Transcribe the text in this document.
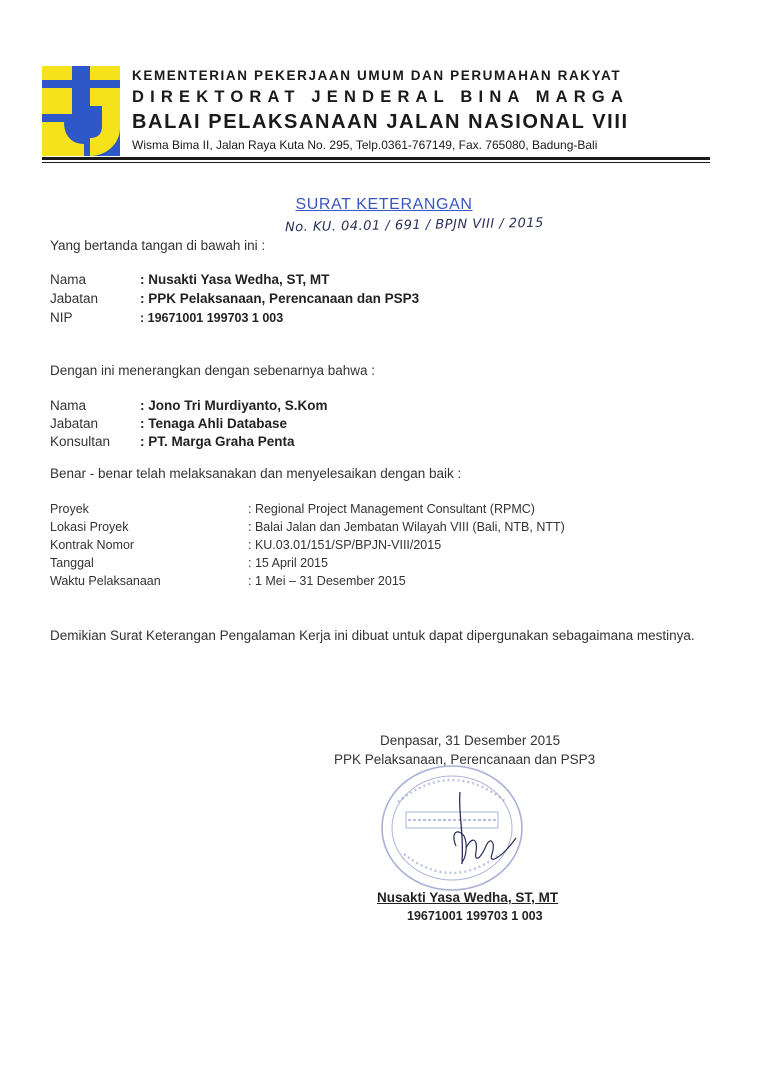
KEMENTERIAN PEKERJAAN UMUM DAN PERUMAHAN RAKYAT
DIREKTORAT JENDERAL BINA MARGA
BALAI PELAKSANAAN JALAN NASIONAL VIII
Wisma Bima II, Jalan Raya Kuta No. 295, Telp.0361-767149, Fax. 765080, Badung-Bali
SURAT KETERANGAN
No. KU. 04.01 / 691 / BPJN VIII / 2015
Yang bertanda tangan di bawah ini :
Nama	: Nusakti Yasa Wedha, ST, MT
Jabatan	: PPK Pelaksanaan, Perencanaan dan PSP3
NIP	: 19671001 199703 1 003
Dengan ini menerangkan dengan sebenarnya bahwa :
Nama	: Jono Tri Murdiyanto, S.Kom
Jabatan	: Tenaga Ahli Database
Konsultan : PT. Marga Graha Penta
Benar - benar telah melaksanakan dan menyelesaikan dengan baik :
Proyek	: Regional Project Management Consultant (RPMC)
Lokasi Proyek	: Balai Jalan dan Jembatan Wilayah VIII (Bali, NTB, NTT)
Kontrak Nomor	: KU.03.01/151/SP/BPJN-VIII/2015
Tanggal	: 15 April 2015
Waktu Pelaksanaan	: 1 Mei – 31 Desember 2015
Demikian Surat Keterangan Pengalaman Kerja ini dibuat untuk dapat dipergunakan sebagaimana mestinya.
Denpasar, 31 Desember 2015
PPK Pelaksanaan, Perencanaan dan PSP3
Nusakti Yasa Wedha, ST, MT
19671001 199703 1 003
